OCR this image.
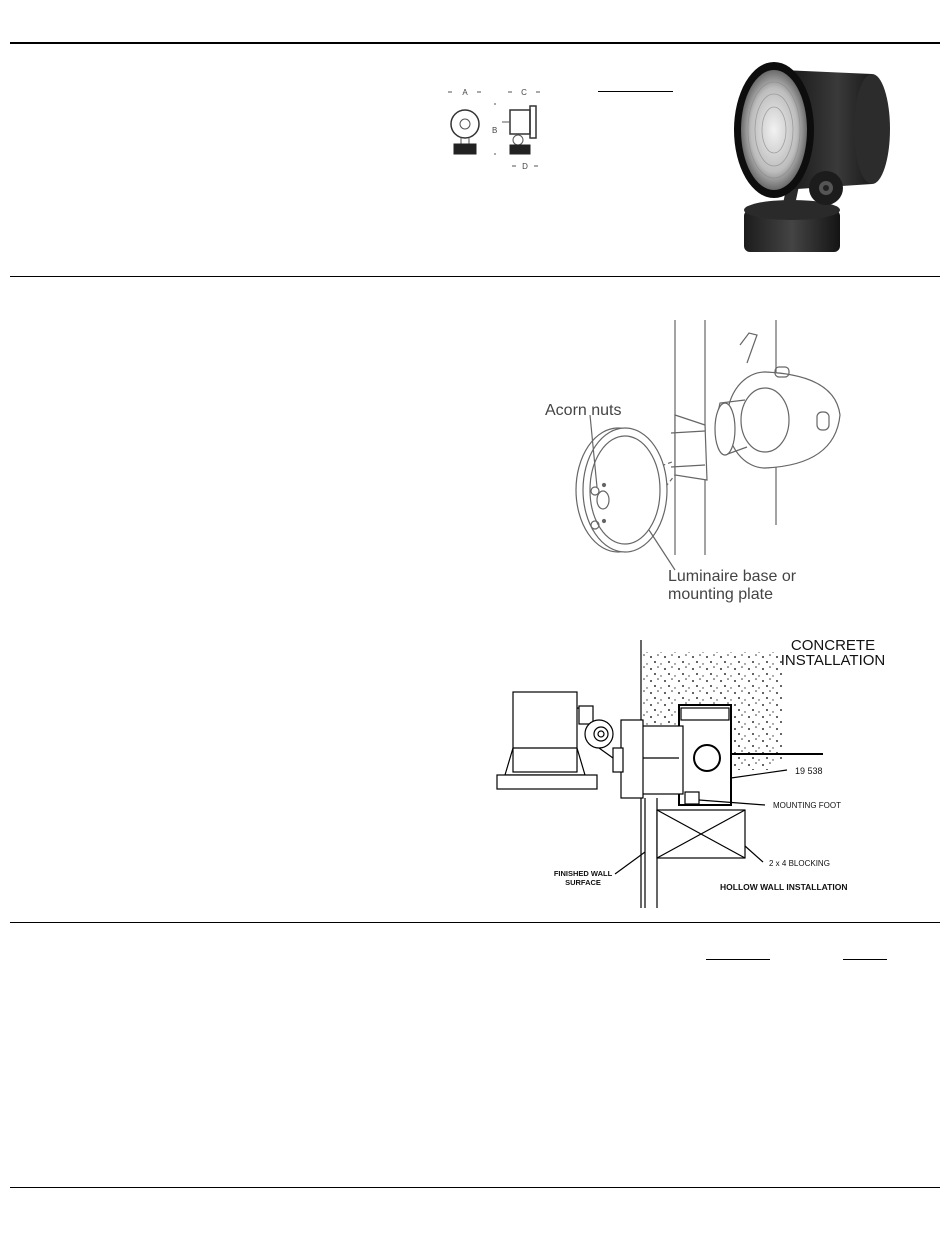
A	C
B
D
Acorn nuts
Luminaire base or
mounting plate
CONCRETE
INSTALLATION
19 538
MOUNTING FOOT
2 x 4 BLOCKING
FINISHED WALL
SURFACE	HOLLOW WALL INSTALLATION
